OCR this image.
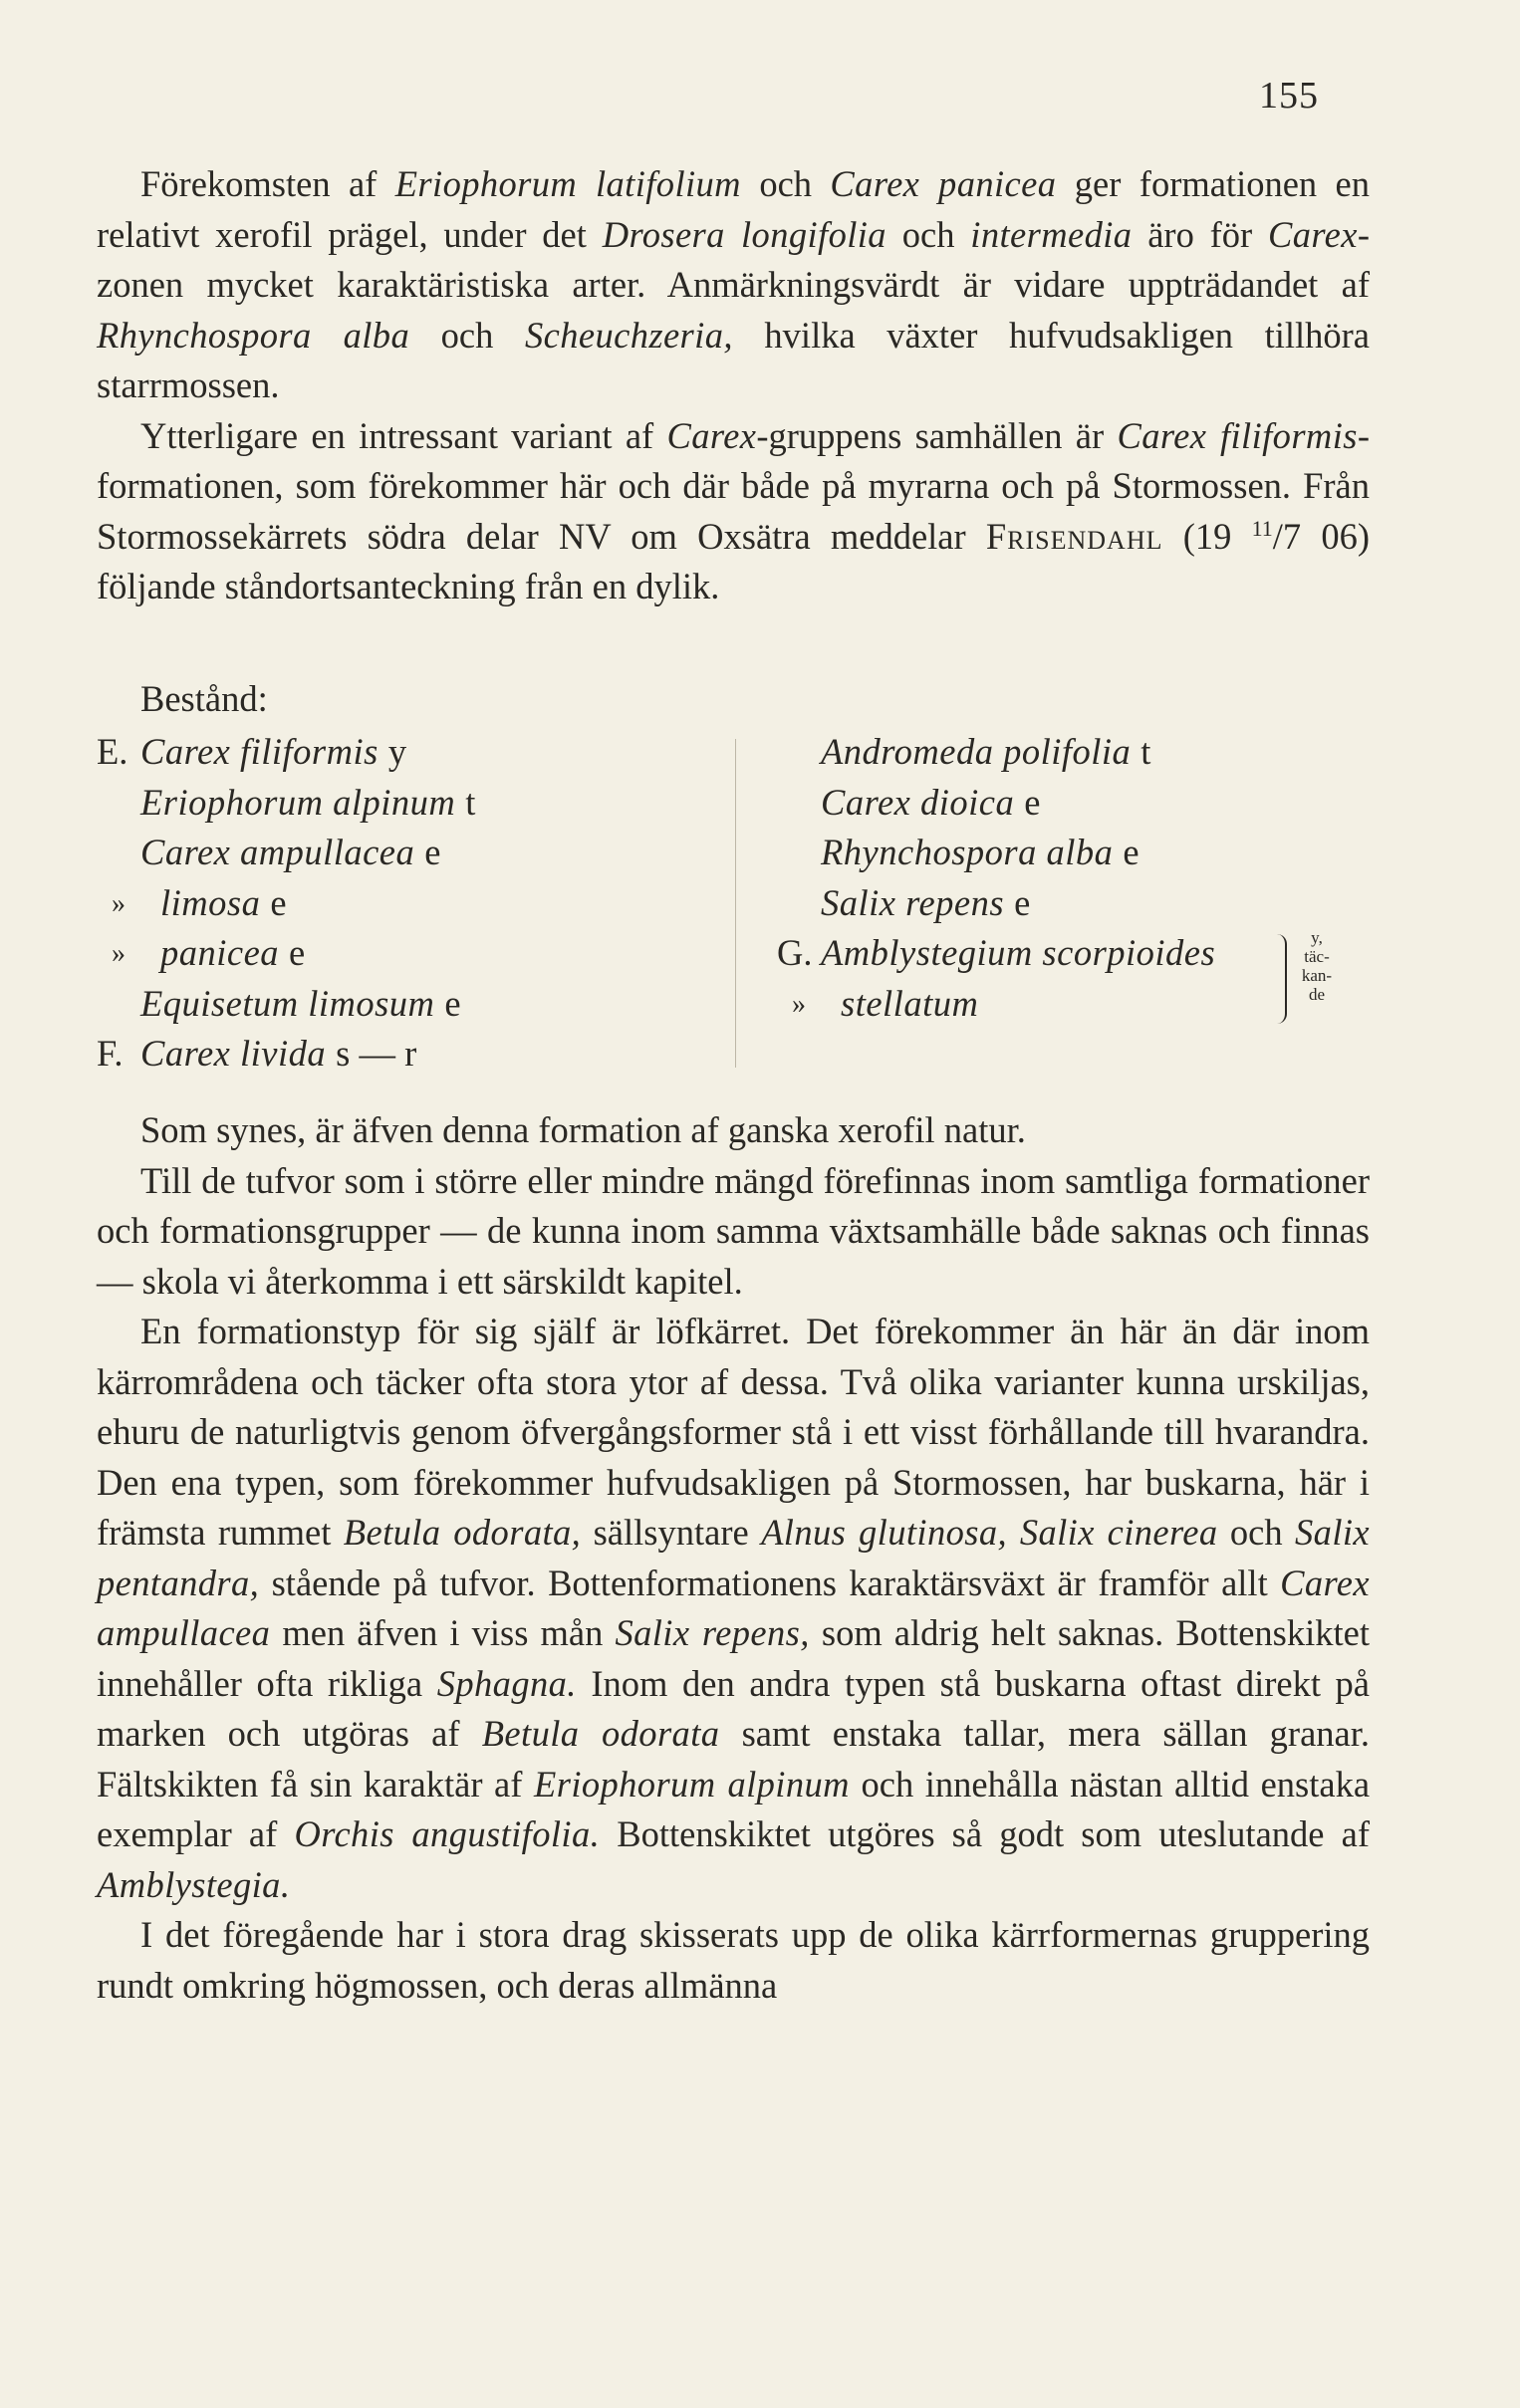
155

Förekomsten af Eriophorum latifolium och Carex panicea ger formationen en relativt xerofil prägel, under det Drosera longifolia och intermedia äro för Carex-zonen mycket karaktäristiska arter. Anmärkningsvärdt är vidare uppträdandet af Rhynchospora alba och Scheuchzeria, hvilka växter hufvudsakligen tillhöra starrmossen.

Ytterligare en intressant variant af Carex-gruppens samhällen är Carex filiformis-formationen, som förekommer här och där både på myrarna och på Stormossen. Från Stormossekärrets södra delar NV om Oxsätra meddelar Frisendahl (19 $^{11}$/7 06) följande ståndortsanteckning från en dylik.

Bestånd:
E. Carex filiformis y
Eriophorum alpinum t
Carex ampullacea e
» limosa e
» panicea e
Equisetum limosum e
F. Carex livida s — r
Andromeda polifolia t
Carex dioica e
Rhynchospora alba e
Salix repens e
G. Amblystegium scorpioides	y,
täc-
kan-
de
» stellatum

Som synes, är äfven denna formation af ganska xerofil natur.

Till de tufvor som i större eller mindre mängd förefinnas inom samtliga formationer och formationsgrupper — de kunna inom samma växtsamhälle både saknas och finnas — skola vi återkomma i ett särskildt kapitel.

En formationstyp för sig själf är löfkärret. Det förekommer än här än där inom kärrområdena och täcker ofta stora ytor af dessa. Två olika varianter kunna urskiljas, ehuru de naturligtvis genom öfvergångsformer stå i ett visst förhållande till hvarandra. Den ena typen, som förekommer hufvudsakligen på Stormossen, har buskarna, här i främsta rummet Betula odorata, sällsyntare Alnus glutinosa, Salix cinerea och Salix pentandra, stående på tufvor. Bottenformationens karaktärsväxt är framför allt Carex ampullacea men äfven i viss mån Salix repens, som aldrig helt saknas. Bottenskiktet innehåller ofta rikliga Sphagna. Inom den andra typen stå buskarna oftast direkt på marken och utgöras af Betula odorata samt enstaka tallar, mera sällan granar. Fältskikten få sin karaktär af Eriophorum alpinum och innehålla nästan alltid enstaka exemplar af Orchis angustifolia. Bottenskiktet utgöres så godt som uteslutande af Amblystegia.

I det föregående har i stora drag skisserats upp de olika kärrformernas gruppering rundt omkring högmossen, och deras allmänna
